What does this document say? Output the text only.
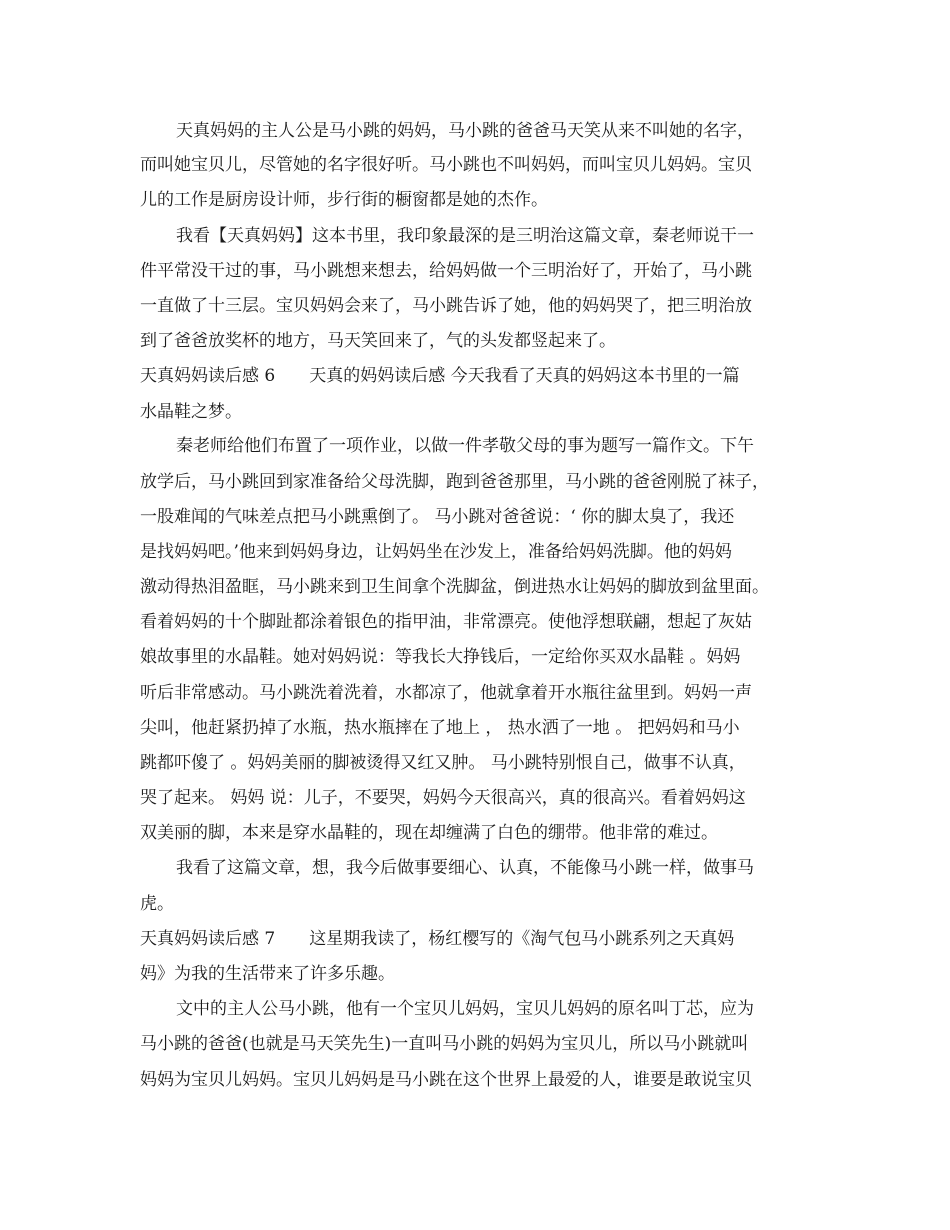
天真妈妈的主人公是马小跳的妈妈，马小跳的爸爸马天笑从来不叫她的名字，
而叫她宝贝儿，尽管她的名字很好听。马小跳也不叫妈妈，而叫宝贝儿妈妈。宝贝
儿的工作是厨房设计师，步行街的橱窗都是她的杰作。
我看【天真妈妈】这本书里，我印象最深的是三明治这篇文章，秦老师说干一
件平常没干过的事，马小跳想来想去，给妈妈做一个三明治好了，开始了，马小跳
一直做了十三层。宝贝妈妈会来了，马小跳告诉了她，他的妈妈哭了，把三明治放
到了爸爸放奖杯的地方，马天笑回来了，气的头发都竖起来了。
天真妈妈读后感 6 天真的妈妈读后感 今天我看了天真的妈妈这本书里的一篇
水晶鞋之梦。
秦老师给他们布置了一项作业，以做一件孝敬父母的事为题写一篇作文。下午
放学后，马小跳回到家准备给父母洗脚，跑到爸爸那里，马小跳的爸爸刚脱了袜子，
一股难闻的气味差点把马小跳熏倒了。 马小跳对爸爸说：‘ 你的脚太臭了，我还
是找妈妈吧。’他来到妈妈身边，让妈妈坐在沙发上，准备给妈妈洗脚。他的妈妈
激动得热泪盈眶，马小跳来到卫生间拿个洗脚盆，倒进热水让妈妈的脚放到盆里面。
看着妈妈的十个脚趾都涂着银色的指甲油，非常漂亮。使他浮想联翩，想起了灰姑
娘故事里的水晶鞋。她对妈妈说：等我长大挣钱后，一定给你买双水晶鞋 。妈妈
听后非常感动。马小跳洗着洗着，水都凉了，他就拿着开水瓶往盆里到。妈妈一声
尖叫，他赶紧扔掉了水瓶，热水瓶摔在了地上 ， 热水洒了一地 。 把妈妈和马小
跳都吓傻了 。妈妈美丽的脚被烫得又红又肿。 马小跳特别恨自己，做事不认真，
哭了起来。 妈妈 说：儿子，不要哭，妈妈今天很高兴，真的很高兴。看着妈妈这
双美丽的脚，本来是穿水晶鞋的，现在却缠满了白色的绷带。他非常的难过。
我看了这篇文章，想，我今后做事要细心、认真，不能像马小跳一样，做事马
虎。
天真妈妈读后感 7 这星期我读了，杨红樱写的《淘气包马小跳系列之天真妈
妈》为我的生活带来了许多乐趣。
文中的主人公马小跳，他有一个宝贝儿妈妈，宝贝儿妈妈的原名叫丁芯，应为
马小跳的爸爸(也就是马天笑先生)一直叫马小跳的妈妈为宝贝儿，所以马小跳就叫
妈妈为宝贝儿妈妈。宝贝儿妈妈是马小跳在这个世界上最爱的人，谁要是敢说宝贝
